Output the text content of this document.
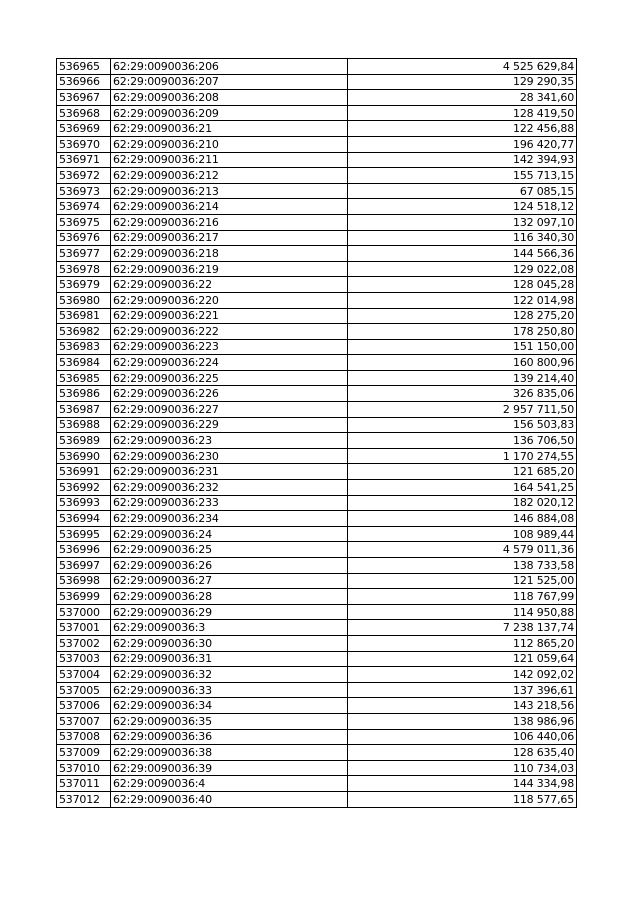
536965	62:29:0090036:206	4 525 629,84
536966	62:29:0090036:207	129 290,35
536967	62:29:0090036:208	28 341,60
536968	62:29:0090036:209	128 419,50
536969	62:29:0090036:21	122 456,88
536970	62:29:0090036:210	196 420,77
536971	62:29:0090036:211	142 394,93
536972	62:29:0090036:212	155 713,15
536973	62:29:0090036:213	67 085,15
536974	62:29:0090036:214	124 518,12
536975	62:29:0090036:216	132 097,10
536976	62:29:0090036:217	116 340,30
536977	62:29:0090036:218	144 566,36
536978	62:29:0090036:219	129 022,08
536979	62:29:0090036:22	128 045,28
536980	62:29:0090036:220	122 014,98
536981	62:29:0090036:221	128 275,20
536982	62:29:0090036:222	178 250,80
536983	62:29:0090036:223	151 150,00
536984	62:29:0090036:224	160 800,96
536985	62:29:0090036:225	139 214,40
536986	62:29:0090036:226	326 835,06
536987	62:29:0090036:227	2 957 711,50
536988	62:29:0090036:229	156 503,83
536989	62:29:0090036:23	136 706,50
536990	62:29:0090036:230	1 170 274,55
536991	62:29:0090036:231	121 685,20
536992	62:29:0090036:232	164 541,25
536993	62:29:0090036:233	182 020,12
536994	62:29:0090036:234	146 884,08
536995	62:29:0090036:24	108 989,44
536996	62:29:0090036:25	4 579 011,36
536997	62:29:0090036:26	138 733,58
536998	62:29:0090036:27	121 525,00
536999	62:29:0090036:28	118 767,99
537000	62:29:0090036:29	114 950,88
537001	62:29:0090036:3	7 238 137,74
537002	62:29:0090036:30	112 865,20
537003	62:29:0090036:31	121 059,64
537004	62:29:0090036:32	142 092,02
537005	62:29:0090036:33	137 396,61
537006	62:29:0090036:34	143 218,56
537007	62:29:0090036:35	138 986,96
537008	62:29:0090036:36	106 440,06
537009	62:29:0090036:38	128 635,40
537010	62:29:0090036:39	110 734,03
537011	62:29:0090036:4	144 334,98
537012	62:29:0090036:40	118 577,65
